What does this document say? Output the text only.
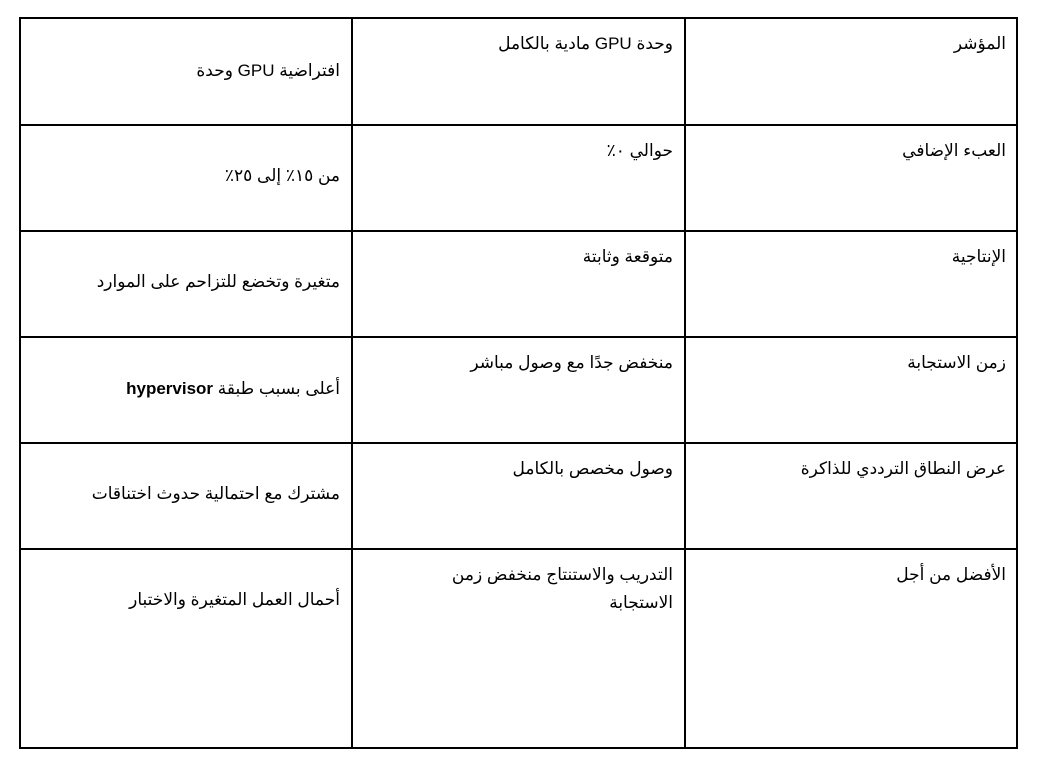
المؤشر
وحدة GPU مادية بالكامل
افتراضية GPU وحدة
العبء الإضافي
حوالي ٠٪
من ١٥٪ إلى ٢٥٪
الإنتاجية
متوقعة وثابتة
متغيرة وتخضع للتزاحم على الموارد
زمن الاستجابة
منخفض جدًا مع وصول مباشر
أعلى بسبب طبقة hypervisor
عرض النطاق الترددي للذاكرة
وصول مخصص بالكامل
مشترك مع احتمالية حدوث اختناقات
الأفضل من أجل
التدريب والاستنتاج منخفض زمن الاستجابة
أحمال العمل المتغيرة والاختبار
